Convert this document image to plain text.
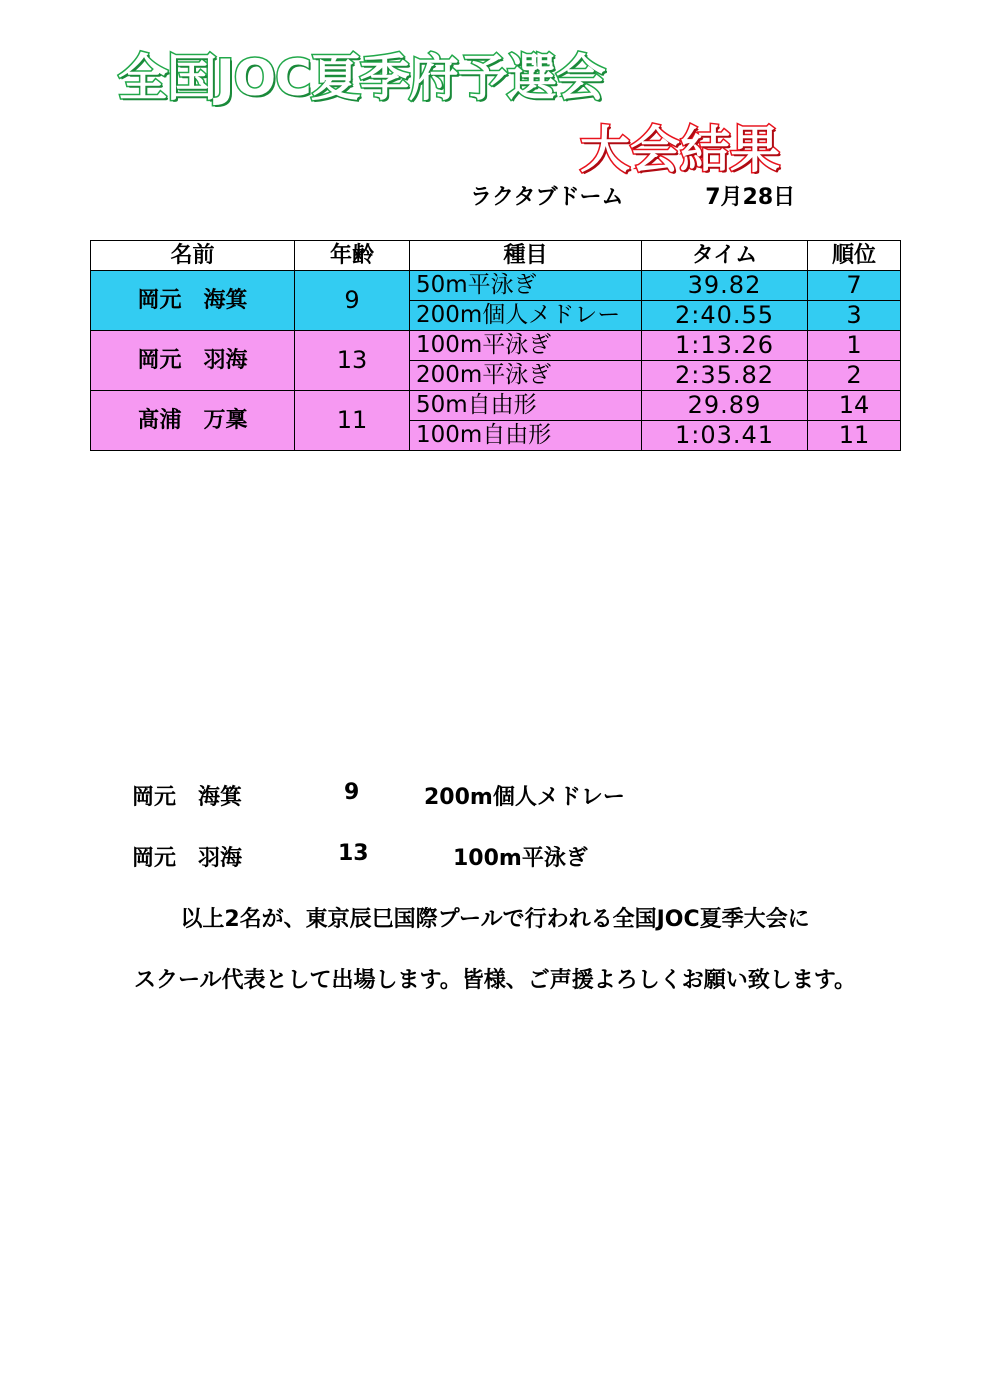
全国JOC夏季府予選会
大会結果
ラクタブドーム	7月28日
名前	年齢	種目	タイム	順位
岡元　海箕	9	50m平泳ぎ	39.82	7
		200m個人メドレー	2:40.55	3
岡元　羽海	13	100m平泳ぎ	1:13.26	1
		200m平泳ぎ	2:35.82	2
髙浦　万稟	11	50m自由形	29.89	14
		100m自由形	1:03.41	11
岡元　海箕	9	200m個人メドレー
岡元　羽海	13	100m平泳ぎ
以上2名が、東京辰巳国際プールで行われる全国JOC夏季大会に
スクール代表として出場します。皆様、ご声援よろしくお願い致します。
